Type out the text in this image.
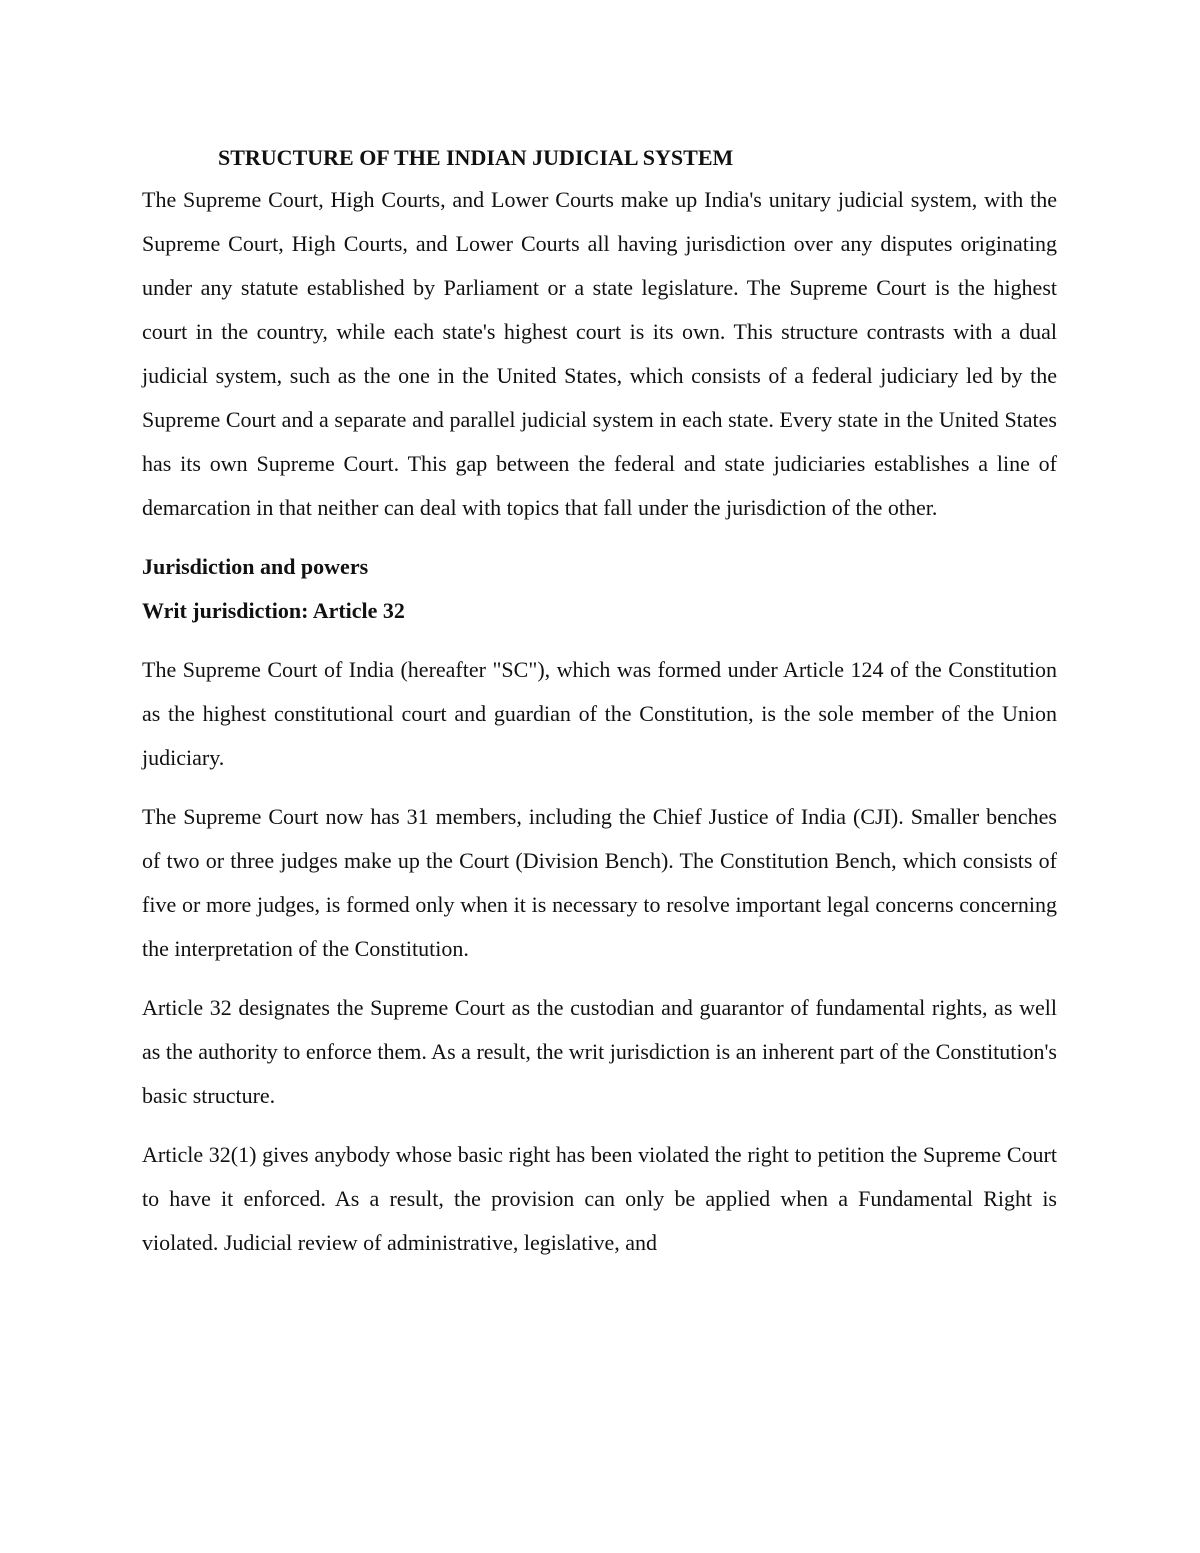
STRUCTURE OF THE INDIAN JUDICIAL SYSTEM

The Supreme Court, High Courts, and Lower Courts make up India's unitary judicial system, with the Supreme Court, High Courts, and Lower Courts all having jurisdiction over any disputes originating under any statute established by Parliament or a state legislature. The Supreme Court is the highest court in the country, while each state's highest court is its own. This structure contrasts with a dual judicial system, such as the one in the United States, which consists of a federal judiciary led by the Supreme Court and a separate and parallel judicial system in each state. Every state in the United States has its own Supreme Court. This gap between the federal and state judiciaries establishes a line of demarcation in that neither can deal with topics that fall under the jurisdiction of the other.

Jurisdiction and powers
Writ jurisdiction: Article 32

The Supreme Court of India (hereafter "SC"), which was formed under Article 124 of the Constitution as the highest constitutional court and guardian of the Constitution, is the sole member of the Union judiciary.

The Supreme Court now has 31 members, including the Chief Justice of India (CJI). Smaller benches of two or three judges make up the Court (Division Bench). The Constitution Bench, which consists of five or more judges, is formed only when it is necessary to resolve important legal concerns concerning the interpretation of the Constitution.

Article 32 designates the Supreme Court as the custodian and guarantor of fundamental rights, as well as the authority to enforce them. As a result, the writ jurisdiction is an inherent part of the Constitution's basic structure.

Article 32(1) gives anybody whose basic right has been violated the right to petition the Supreme Court to have it enforced. As a result, the provision can only be applied when a Fundamental Right is violated. Judicial review of administrative, legislative, and
